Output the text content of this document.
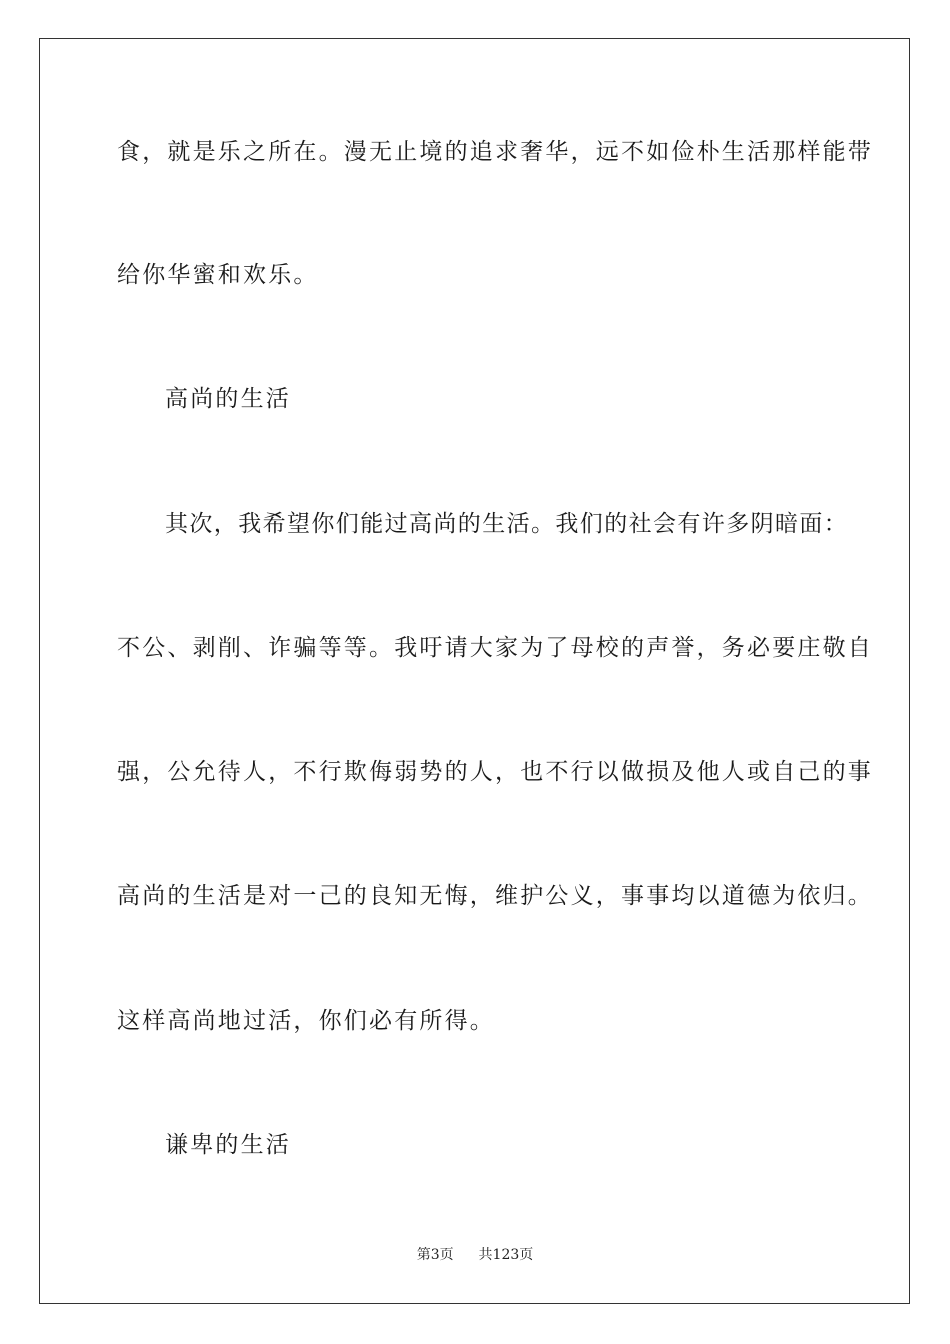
食，就是乐之所在。漫无止境的追求奢华，远不如俭朴生活那样能带
给你华蜜和欢乐。
高尚的生活
其次，我希望你们能过高尚的生活。我们的社会有许多阴暗面：
不公、剥削、诈骗等等。我吁请大家为了母校的声誉，务必要庄敬自
强，公允待人，不行欺侮弱势的人，也不行以做损及他人或自己的事
高尚的生活是对一己的良知无悔，维护公义，事事均以道德为依归。
这样高尚地过活，你们必有所得。
谦卑的生活
第3页 共123页
